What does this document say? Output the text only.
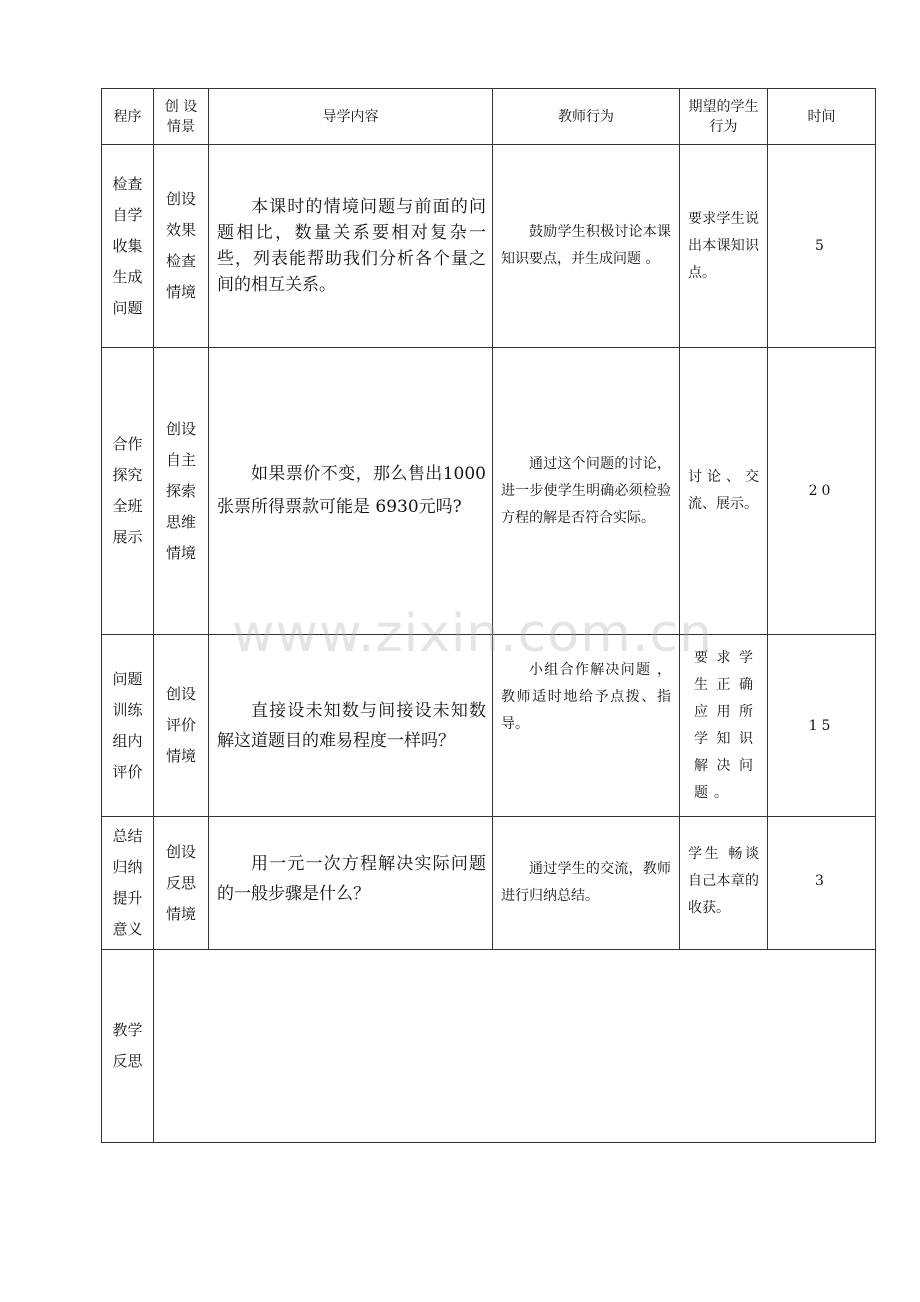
程序	创 设 情景	导学内容	教师行为	期望的学生行为	时间
检查自学收集生成问题	创设效果检查情境	本课时的情境问题与前面的问题相比，数量关系要相对复杂一些，列表能帮助我们分析各个量之间的相互关系。	鼓励学生积极讨论本课知识要点，并生成问题 。	要求学生说出本课知识点。	5
合作探究全班展示	创设自主探索思维情境	如果票价不变，那么售出1000 张票所得票款可能是 6930元吗?	通过这个问题的讨论，进一步使学生明确必须检验方程的解是否符合实际。	讨论、交流、展示。	20
问题训练组内评价	创设评价情境	直接设未知数与间接设未知数解这道题目的难易程度一样吗？	小组合作解决问题 ，教师适时地给予点拨、指导。	要求学生正确应用所学知识解决问题。	15
总结归纳提升意义	创设反思情境	用一元一次方程解决实际问题的一般步骤是什么？	通过学生的交流，教师进行归纳总结。	学生 畅谈自己本章的收获。	3
教学反思					
www.zixin.com.cn
